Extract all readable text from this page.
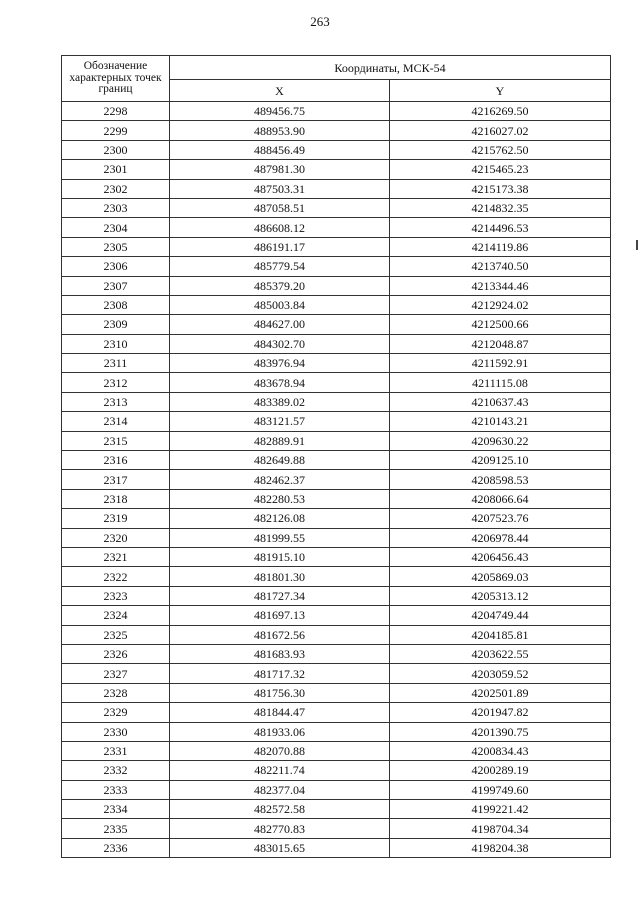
263
Обозначение характерных точек границ	Координаты, МСК-54	
	X	Y
2298	489456.75	4216269.50
2299	488953.90	4216027.02
2300	488456.49	4215762.50
2301	487981.30	4215465.23
2302	487503.31	4215173.38
2303	487058.51	4214832.35
2304	486608.12	4214496.53
2305	486191.17	4214119.86
2306	485779.54	4213740.50
2307	485379.20	4213344.46
2308	485003.84	4212924.02
2309	484627.00	4212500.66
2310	484302.70	4212048.87
2311	483976.94	4211592.91
2312	483678.94	4211115.08
2313	483389.02	4210637.43
2314	483121.57	4210143.21
2315	482889.91	4209630.22
2316	482649.88	4209125.10
2317	482462.37	4208598.53
2318	482280.53	4208066.64
2319	482126.08	4207523.76
2320	481999.55	4206978.44
2321	481915.10	4206456.43
2322	481801.30	4205869.03
2323	481727.34	4205313.12
2324	481697.13	4204749.44
2325	481672.56	4204185.81
2326	481683.93	4203622.55
2327	481717.32	4203059.52
2328	481756.30	4202501.89
2329	481844.47	4201947.82
2330	481933.06	4201390.75
2331	482070.88	4200834.43
2332	482211.74	4200289.19
2333	482377.04	4199749.60
2334	482572.58	4199221.42
2335	482770.83	4198704.34
2336	483015.65	4198204.38
